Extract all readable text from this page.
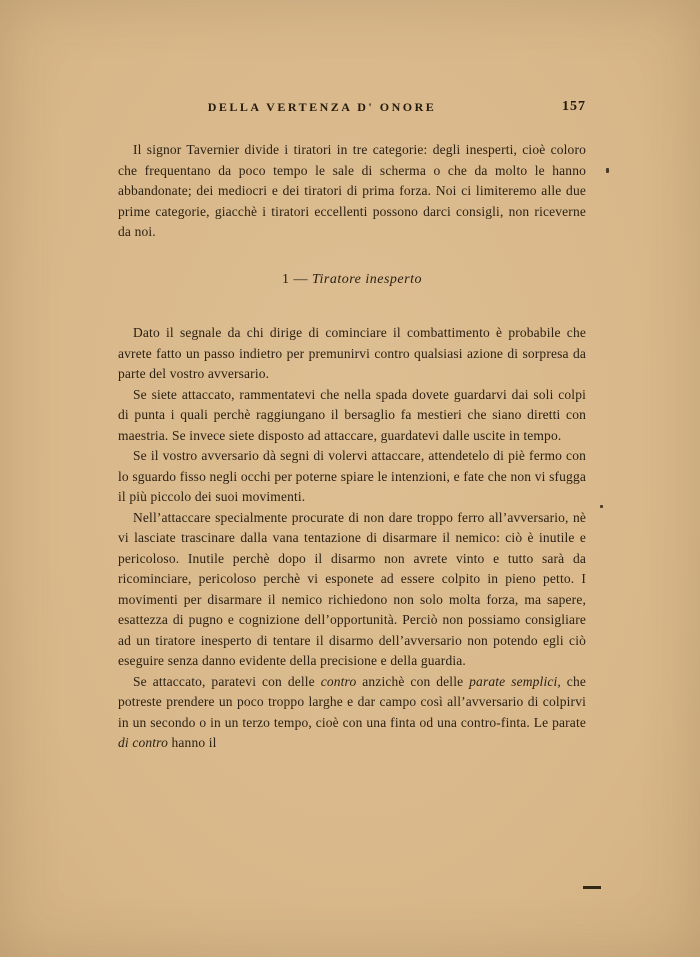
DELLA VERTENZA D' ONORE	157

Il signor Tavernier divide i tiratori in tre categorie: degli inesperti, cioè coloro che frequentano da poco tempo le sale di scherma o che da molto le hanno abbandonate; dei mediocri e dei tiratori di prima forza. Noi ci limiteremo alle due prime categorie, giacchè i tiratori eccellenti possono darci consigli, non riceverne da noi.

1 — Tiratore inesperto

Dato il segnale da chi dirige di cominciare il combattimento è probabile che avrete fatto un passo indietro per premunirvi contro qualsiasi azione di sorpresa da parte del vostro avversario.

Se siete attaccato, rammentatevi che nella spada dovete guardarvi dai soli colpi di punta i quali perchè raggiungano il bersaglio fa mestieri che siano diretti con maestria. Se invece siete disposto ad attaccare, guardatevi dalle uscite in tempo.

Se il vostro avversario dà segni di volervi attaccare, attendetelo di piè fermo con lo sguardo fisso negli occhi per poterne spiare le intenzioni, e fate che non vi sfugga il più piccolo dei suoi movimenti.

Nell’attaccare specialmente procurate di non dare troppo ferro all’avversario, nè vi lasciate trascinare dalla vana tentazione di disarmare il nemico: ciò è inutile e pericoloso. Inutile perchè dopo il disarmo non avrete vinto e tutto sarà da ricominciare, pericoloso perchè vi esponete ad essere colpito in pieno petto. I movimenti per disarmare il nemico richiedono non solo molta forza, ma sapere, esattezza di pugno e cognizione dell’opportunità. Perciò non possiamo consigliare ad un tiratore inesperto di tentare il disarmo dell’avversario non potendo egli ciò eseguire senza danno evidente della precisione e della guardia.

Se attaccato, paratevi con delle contro anzichè con delle parate semplici, che potreste prendere un poco troppo larghe e dar campo così all’avversario di colpirvi in un secondo o in un terzo tempo, cioè con una finta od una contro-finta. Le parate di contro hanno il
